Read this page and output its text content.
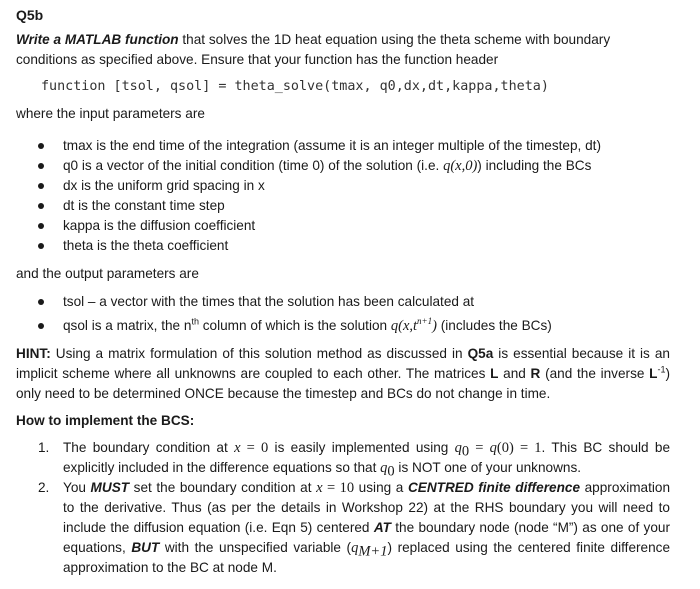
Q5b
Write a MATLAB function that solves the 1D heat equation using the theta scheme with boundary conditions as specified above. Ensure that your function has the function header
function [tsol, qsol] = theta_solve(tmax, q0,dx,dt,kappa,theta)
where the input parameters are
tmax is the end time of the integration (assume it is an integer multiple of the timestep, dt)
q0 is a vector of the initial condition (time 0) of the solution (i.e. q(x,0)) including the BCs
dx is the uniform grid spacing in x
dt is the constant time step
kappa is the diffusion coefficient
theta is the theta coefficient
and the output parameters are
tsol – a vector with the times that the solution has been calculated at
qsol is a matrix, the $n^{th}$ column of which is the solution $q(x,t^{n+1})$ (includes the BCs)
HINT: Using a matrix formulation of this solution method as discussed in Q5a is essential because it is an implicit scheme where all unknowns are coupled to each other. The matrices L and R (and the inverse $L^{-1}$) only need to be determined ONCE because the timestep and BCs do not change in time.
How to implement the BCS:
1. The boundary condition at x = 0 is easily implemented using $q_0 = q(0) = 1$. This BC should be explicitly included in the difference equations so that $q_0$ is NOT one of your unknowns.
2. You MUST set the boundary condition at x = 10 using a CENTRED finite difference approximation to the derivative. Thus (as per the details in Workshop 22) at the RHS boundary you will need to include the diffusion equation (i.e. Eqn 5) centered AT the boundary node (node “M”) as one of your equations, BUT with the unspecified variable $(q_{M+1})$ replaced using the centered finite difference approximation to the BC at node M.
